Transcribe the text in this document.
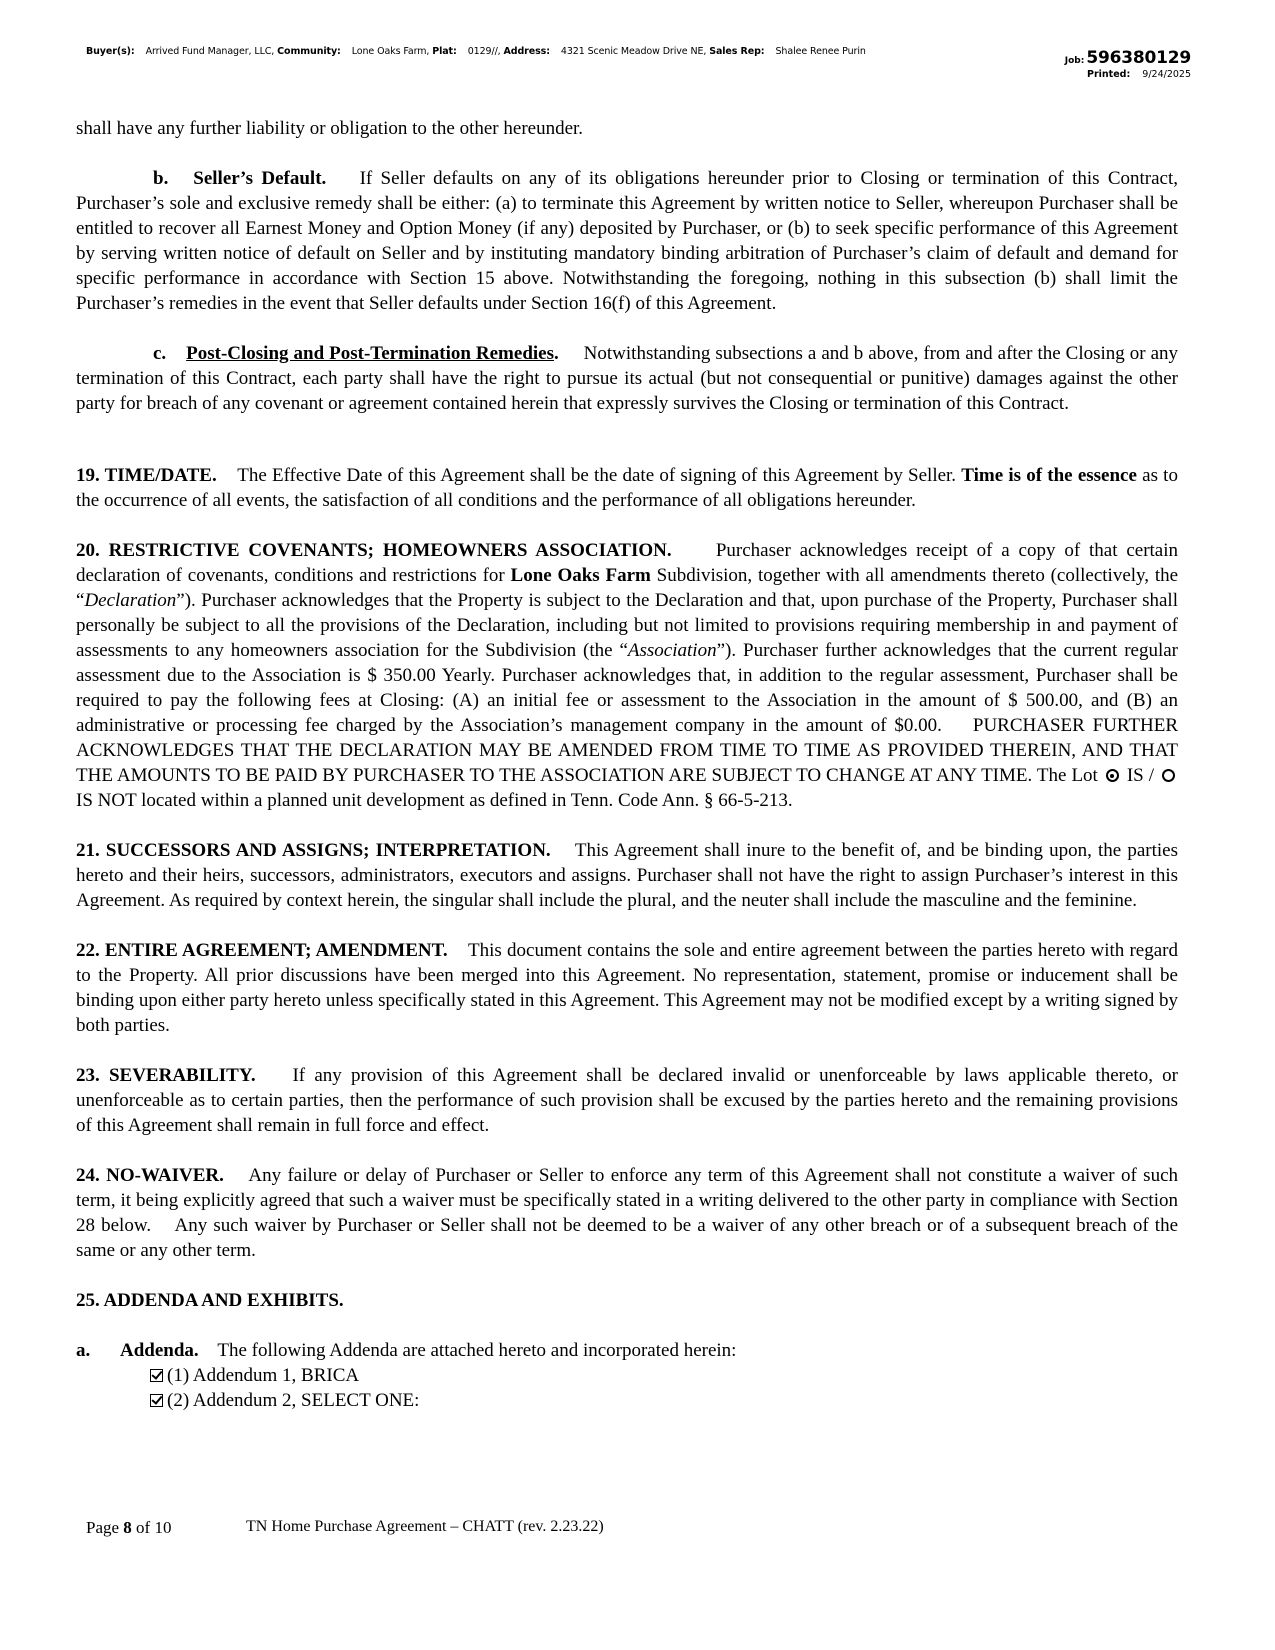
Buyer(s): Arrived Fund Manager, LLC, Community: Lone Oaks Farm, Plat: 0129//, Address: 4321 Scenic Meadow Drive NE, Sales Rep: Shalee Renee Purin
Job: 596380129
Printed: 9/24/2025

shall have any further liability or obligation to the other hereunder.

b. Seller’s Default. If Seller defaults on any of its obligations hereunder prior to Closing or termination of this Contract, Purchaser’s sole and exclusive remedy shall be either: (a) to terminate this Agreement by written notice to Seller, whereupon Purchaser shall be entitled to recover all Earnest Money and Option Money (if any) deposited by Purchaser, or (b) to seek specific performance of this Agreement by serving written notice of default on Seller and by instituting mandatory binding arbitration of Purchaser’s claim of default and demand for specific performance in accordance with Section 15 above. Notwithstanding the foregoing, nothing in this subsection (b) shall limit the Purchaser’s remedies in the event that Seller defaults under Section 16(f) of this Agreement.

c. Post-Closing and Post-Termination Remedies. Notwithstanding subsections a and b above, from and after the Closing or any termination of this Contract, each party shall have the right to pursue its actual (but not consequential or punitive) damages against the other party for breach of any covenant or agreement contained herein that expressly survives the Closing or termination of this Contract.

19. TIME/DATE. The Effective Date of this Agreement shall be the date of signing of this Agreement by Seller. Time is of the essence as to the occurrence of all events, the satisfaction of all conditions and the performance of all obligations hereunder.

20. RESTRICTIVE COVENANTS; HOMEOWNERS ASSOCIATION. Purchaser acknowledges receipt of a copy of that certain declaration of covenants, conditions and restrictions for Lone Oaks Farm Subdivision, together with all amendments thereto (collectively, the “Declaration”). Purchaser acknowledges that the Property is subject to the Declaration and that, upon purchase of the Property, Purchaser shall personally be subject to all the provisions of the Declaration, including but not limited to provisions requiring membership in and payment of assessments to any homeowners association for the Subdivision (the “Association”). Purchaser further acknowledges that the current regular assessment due to the Association is $ 350.00 Yearly. Purchaser acknowledges that, in addition to the regular assessment, Purchaser shall be required to pay the following fees at Closing: (A) an initial fee or assessment to the Association in the amount of $ 500.00, and (B) an administrative or processing fee charged by the Association’s management company in the amount of $0.00. PURCHASER FURTHER ACKNOWLEDGES THAT THE DECLARATION MAY BE AMENDED FROM TIME TO TIME AS PROVIDED THEREIN, AND THAT THE AMOUNTS TO BE PAID BY PURCHASER TO THE ASSOCIATION ARE SUBJECT TO CHANGE AT ANY TIME. The Lot IS /  IS NOT located within a planned unit development as defined in Tenn. Code Ann. § 66-5-213.

21. SUCCESSORS AND ASSIGNS; INTERPRETATION. This Agreement shall inure to the benefit of, and be binding upon, the parties hereto and their heirs, successors, administrators, executors and assigns. Purchaser shall not have the right to assign Purchaser’s interest in this Agreement. As required by context herein, the singular shall include the plural, and the neuter shall include the masculine and the feminine.

22. ENTIRE AGREEMENT; AMENDMENT. This document contains the sole and entire agreement between the parties hereto with regard to the Property. All prior discussions have been merged into this Agreement. No representation, statement, promise or inducement shall be binding upon either party hereto unless specifically stated in this Agreement. This Agreement may not be modified except by a writing signed by both parties.

23. SEVERABILITY. If any provision of this Agreement shall be declared invalid or unenforceable by laws applicable thereto, or unenforceable as to certain parties, then the performance of such provision shall be excused by the parties hereto and the remaining provisions of this Agreement shall remain in full force and effect.

24. NO-WAIVER. Any failure or delay of Purchaser or Seller to enforce any term of this Agreement shall not constitute a waiver of such term, it being explicitly agreed that such a waiver must be specifically stated in a writing delivered to the other party in compliance with Section 28 below. Any such waiver by Purchaser or Seller shall not be deemed to be a waiver of any other breach or of a subsequent breach of the same or any other term.

25. ADDENDA AND EXHIBITS.

a. Addenda. The following Addenda are attached hereto and incorporated herein:

(1) Addendum 1, BRICA
(2) Addendum 2, SELECT ONE:
Page 8 of 10	TN Home Purchase Agreement – CHATT (rev. 2.23.22)
